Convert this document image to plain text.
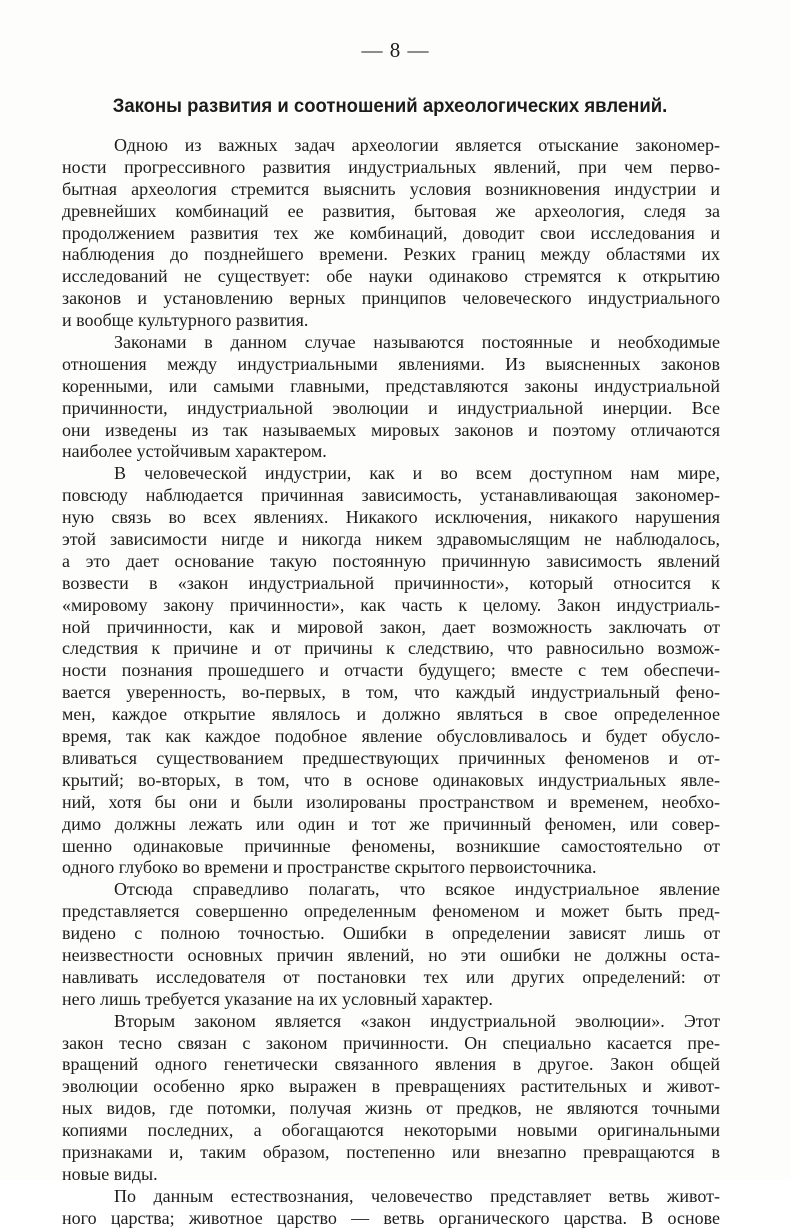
— 8 —
Законы развития и соотношений археологических явлений.
Одною из важных задач археологии является отыскание закономер-
ности прогрессивного развития индустриальных явлений, при чем перво-
бытная археология стремится выяснить условия возникновения индустрии и
древнейших комбинаций ее развития, бытовая же археология, следя за
продолжением развития тех же комбинаций, доводит свои исследования и
наблюдения до позднейшего времени. Резких границ между областями их
исследований не существует: обе науки одинаково стремятся к открытию
законов и установлению верных принципов человеческого индустриального
и вообще культурного развития.
Законами в данном случае называются постоянные и необходимые
отношения между индустриальными явлениями. Из выясненных законов
коренными, или самыми главными, представляются законы индустриальной
причинности, индустриальной эволюции и индустриальной инерции. Все
они изведены из так называемых мировых законов и поэтому отличаются
наиболее устойчивым характером.
В человеческой индустрии, как и во всем доступном нам мире,
повсюду наблюдается причинная зависимость, устанавливающая закономер-
ную связь во всех явлениях. Никакого исключения, никакого нарушения
этой зависимости нигде и никогда никем здравомыслящим не наблюдалось,
а это дает основание такую постоянную причинную зависимость явлений
возвести в «закон индустриальной причинности», который относится к
«мировому закону причинности», как часть к целому. Закон индустриаль-
ной причинности, как и мировой закон, дает возможность заключать от
следствия к причине и от причины к следствию, что равносильно возмож-
ности познания прошедшего и отчасти будущего; вместе с тем обеспечи-
вается уверенность, во-первых, в том, что каждый индустриальный фено-
мен, каждое открытие являлось и должно являться в свое определенное
время, так как каждое подобное явление обусловливалось и будет обусло-
вливаться существованием предшествующих причинных феноменов и от-
крытий; во-вторых, в том, что в основе одинаковых индустриальных явле-
ний, хотя бы они и были изолированы пространством и временем, необхо-
димо должны лежать или один и тот же причинный феномен, или совер-
шенно одинаковые причинные феномены, возникшие самостоятельно от
одного глубоко во времени и пространстве скрытого первоисточника.
Отсюда справедливо полагать, что всякое индустриальное явление
представляется совершенно определенным феноменом и может быть пред-
видено с полною точностью. Ошибки в определении зависят лишь от
неизвестности основных причин явлений, но эти ошибки не должны оста-
навливать исследователя от постановки тех или других определений: от
него лишь требуется указание на их условный характер.
Вторым законом является «закон индустриальной эволюции». Этот
закон тесно связан с законом причинности. Он специально касается пре-
вращений одного генетически связанного явления в другое. Закон общей
эволюции особенно ярко выражен в превращениях растительных и живот-
ных видов, где потомки, получая жизнь от предков, не являются точными
копиями последних, а обогащаются некоторыми новыми оригинальными
признаками и, таким образом, постепенно или внезапно превращаются в
новые виды.
По данным естествознания, человечество представляет ветвь живот-
ного царства; животное царство — ветвь органического царства. В основе
